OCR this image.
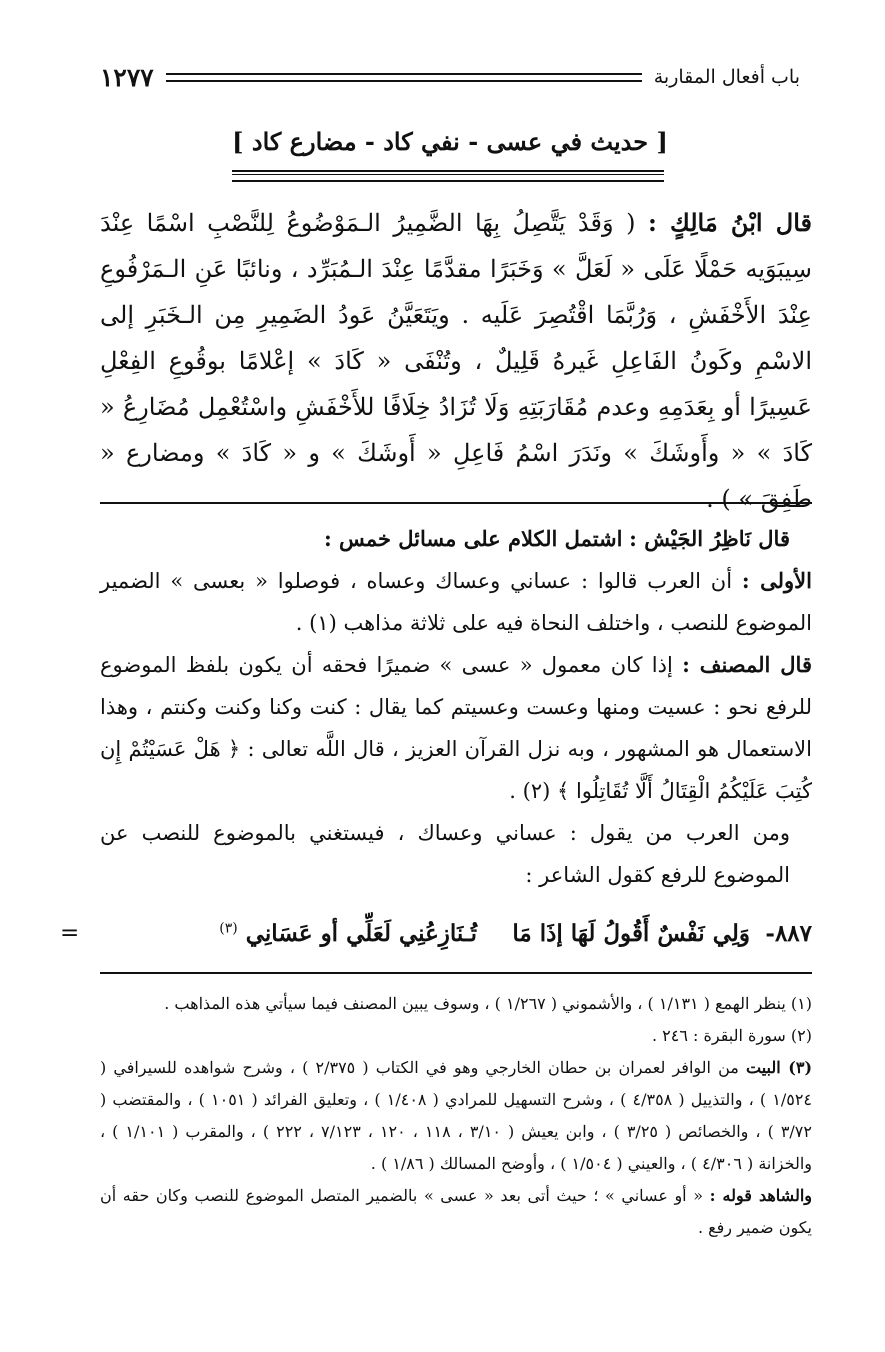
باب أفعال المقاربة
١٢٧٧
[ حديث في عسى - نفي كاد - مضارع كاد ]
قال ابْنُ مَالِكٍ : ( وَقَدْ يَتَّصِلُ بِهَا الضَّمِيرُ الـمَوْضُوعُ لِلنَّصْبِ اسْمًا عِنْدَ سِيبَوَيه حَمْلًا عَلَى « لَعَلَّ » وَخَبَرًا مقدَّمًا عِنْدَ الـمُبَرِّد ، ونائبًا عَنِ الـمَرْفُوعِ عِنْدَ الأَخْفَشِ ، وَرُبَّمَا اقْتُصِرَ عَلَيه . ويَتَعَيَّنُ عَودُ الضَمِيرِ مِن الـخَبَرِ إلى الاسْمِ وكَونُ الفَاعِلِ غَيرهُ قَلِيلٌ ، وتُنْفَى « كَادَ » إعْلامًا بوقُوعِ الفِعْلِ عَسِيرًا أو بِعَدَمِهِ وعدم مُقَارَبَتِهِ وَلَا تُزَادُ خِلَافًا للأَخْفَشِ واسْتُعْمِل مُضَارِعُ « كَادَ » « وأَوشَكَ » ونَدَرَ اسْمُ فَاعِلِ « أَوشَكَ » و « كَادَ » ومضارع « طَفِقَ » ) .

قال نَاظِرُ الجَيْش : اشتمل الكلام على مسائل خمس :

الأولى : أن العرب قالوا : عساني وعساك وعساه ، فوصلوا « بعسى » الضمير الموضوع للنصب ، واختلف النحاة فيه على ثلاثة مذاهب (١) .

قال المصنف : إذا كان معمول « عسى » ضميرًا فحقه أن يكون بلفظ الموضوع للرفع نحو : عسيت ومنها وعست وعسيتم كما يقال : كنت وكنا وكنت وكنتم ، وهذا الاستعمال هو المشهور ، وبه نزل القرآن العزيز ، قال اللَّه تعالى : ﴿ هَلْ عَسَيْتُمْ إِن كُتِبَ عَلَيْكُمُ الْقِتَالُ أَلَّا تُقَاتِلُوا ﴾ (٢) .

ومن العرب من يقول : عساني وعساك ، فيستغني بالموضوع للنصب عن الموضوع للرفع كقول الشاعر :

٨٨٧-
وَلِي نَفْسٌ أَقُولُ لَهَا إذَا مَا
تُـنَازِعُنِي لَعَلِّي أو عَسَانِي $^{(٣)}$
=

(١) ينظر الهمع ( ١/١٣١ ) ، والأشموني ( ١/٢٦٧ ) ، وسوف يبين المصنف فيما سيأتي هذه المذاهب .

(٢) سورة البقرة : ٢٤٦ .

(٣) البيت من الوافر لعمران بن حطان الخارجي وهو في الكتاب ( ٢/٣٧٥ ) ، وشرح شواهده للسيرافي ( ١/٥٢٤ ) ، والتذييل ( ٤/٣٥٨ ) ، وشرح التسهيل للمرادي ( ١/٤٠٨ ) ، وتعليق الفرائد ( ١٠٥١ ) ، والمقتضب ( ٣/٧٢ ) ، والخصائص ( ٣/٢٥ ) ، وابن يعيش ( ٣/١٠ ، ١١٨ ، ١٢٠ ، ٧/١٢٣ ، ٢٢٢ ) ، والمقرب ( ١/١٠١ ) ، والخزانة ( ٤/٣٠٦ ) ، والعيني ( ١/٥٠٤ ) ، وأوضح المسالك ( ١/٨٦ ) .

والشاهد قوله : « أو عساني » ؛ حيث أتى بعد « عسى » بالضمير المتصل الموضوع للنصب وكان حقه أن يكون ضمير رفع .
